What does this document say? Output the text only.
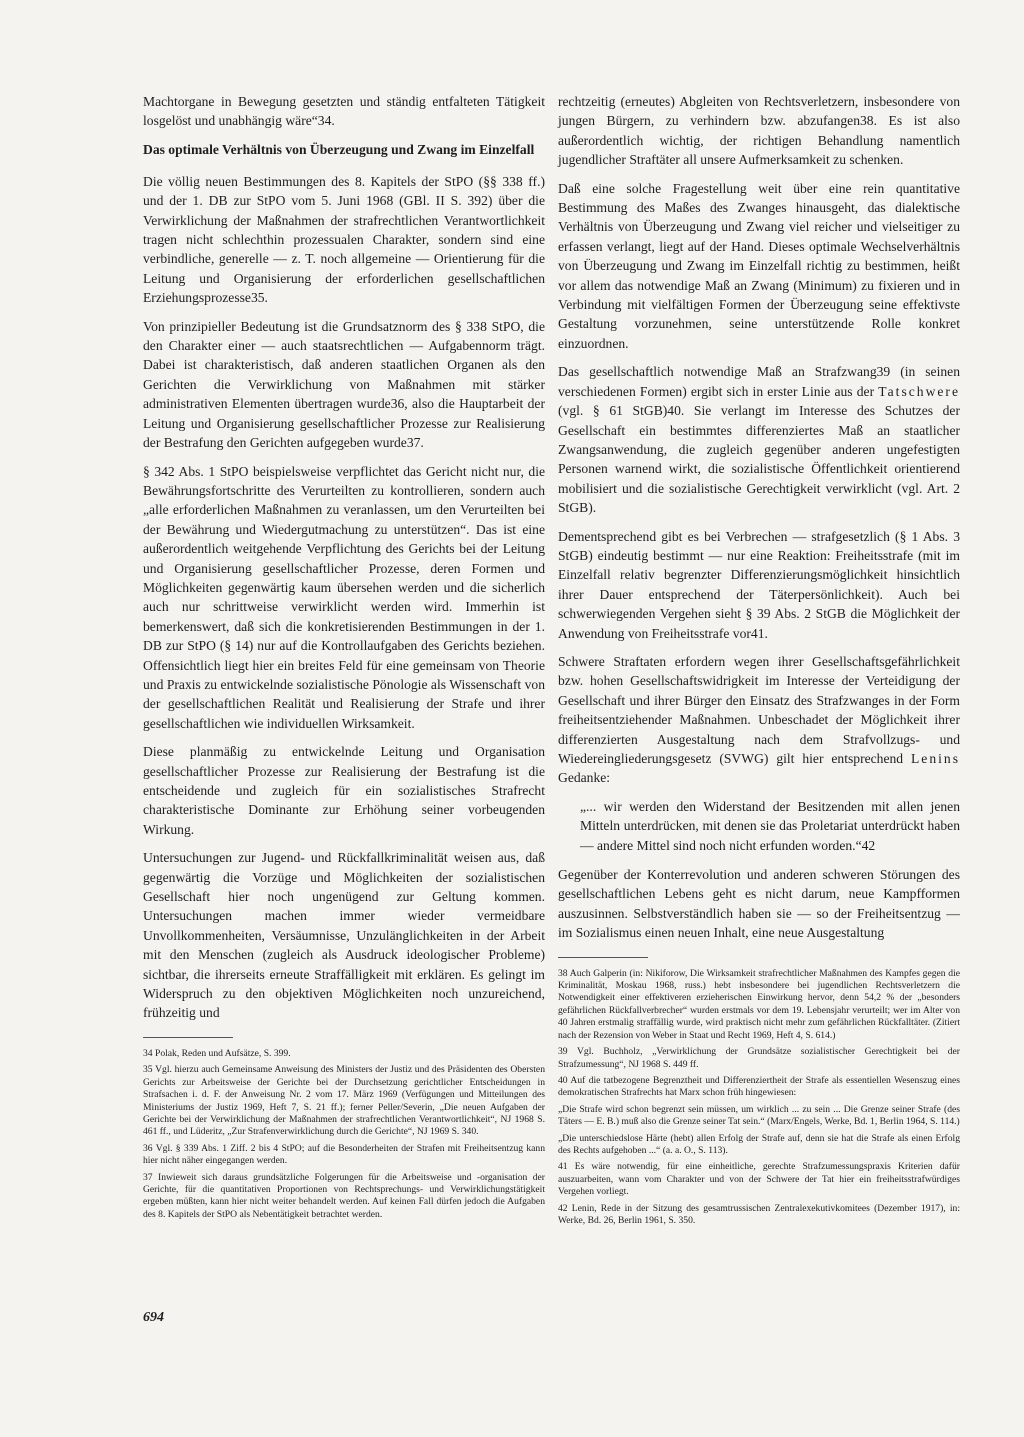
Machtorgane in Bewegung gesetzten und ständig entfalteten Tätigkeit losgelöst und unabhängig wäre“34.

Das optimale Verhältnis von Überzeugung und Zwang im Einzelfall

Die völlig neuen Bestimmungen des 8. Kapitels der StPO (§§ 338 ff.) und der 1. DB zur StPO vom 5. Juni 1968 (GBl. II S. 392) über die Verwirklichung der Maßnahmen der strafrechtlichen Verantwortlichkeit tragen nicht schlechthin prozessualen Charakter, sondern sind eine verbindliche, generelle — z. T. noch allgemeine — Orientierung für die Leitung und Organisierung der erforderlichen gesellschaftlichen Erziehungsprozesse35.

Von prinzipieller Bedeutung ist die Grundsatznorm des § 338 StPO, die den Charakter einer — auch staatsrechtlichen — Aufgabennorm trägt. Dabei ist charakteristisch, daß anderen staatlichen Organen als den Gerichten die Verwirklichung von Maßnahmen mit stärker administrativen Elementen übertragen wurde36, also die Hauptarbeit der Leitung und Organisierung gesellschaftlicher Prozesse zur Realisierung der Bestrafung den Gerichten aufgegeben wurde37.

§ 342 Abs. 1 StPO beispielsweise verpflichtet das Gericht nicht nur, die Bewährungsfortschritte des Verurteilten zu kontrollieren, sondern auch „alle erforderlichen Maßnahmen zu veranlassen, um den Verurteilten bei der Bewährung und Wiedergutmachung zu unterstützen“. Das ist eine außerordentlich weitgehende Verpflichtung des Gerichts bei der Leitung und Organisierung gesellschaftlicher Prozesse, deren Formen und Möglichkeiten gegenwärtig kaum übersehen werden und die sicherlich auch nur schrittweise verwirklicht werden wird. Immerhin ist bemerkenswert, daß sich die konkretisierenden Bestimmungen in der 1. DB zur StPO (§ 14) nur auf die Kontrollaufgaben des Gerichts beziehen. Offensichtlich liegt hier ein breites Feld für eine gemeinsam von Theorie und Praxis zu entwickelnde sozialistische Pönologie als Wissenschaft von der gesellschaftlichen Realität und Realisierung der Strafe und ihrer gesellschaftlichen wie individuellen Wirksamkeit.

Diese planmäßig zu entwickelnde Leitung und Organisation gesellschaftlicher Prozesse zur Realisierung der Bestrafung ist die entscheidende und zugleich für ein sozialistisches Strafrecht charakteristische Dominante zur Erhöhung seiner vorbeugenden Wirkung.

Untersuchungen zur Jugend- und Rückfallkriminalität weisen aus, daß gegenwärtig die Vorzüge und Möglichkeiten der sozialistischen Gesellschaft hier noch ungenügend zur Geltung kommen. Untersuchungen machen immer wieder vermeidbare Unvollkommenheiten, Versäumnisse, Unzulänglichkeiten in der Arbeit mit den Menschen (zugleich als Ausdruck ideologischer Probleme) sichtbar, die ihrerseits erneute Straffälligkeit mit erklären. Es gelingt im Widerspruch zu den objektiven Möglichkeiten noch unzureichend, frühzeitig und

34 Polak, Reden und Aufsätze, S. 399.

35 Vgl. hierzu auch Gemeinsame Anweisung des Ministers der Justiz und des Präsidenten des Obersten Gerichts zur Arbeitsweise der Gerichte bei der Durchsetzung gerichtlicher Entscheidungen in Strafsachen i. d. F. der Anweisung Nr. 2 vom 17. März 1969 (Verfügungen und Mitteilungen des Ministeriums der Justiz 1969, Heft 7, S. 21 ff.); ferner Peller/Severin, „Die neuen Aufgaben der Gerichte bei der Verwirklichung der Maßnahmen der strafrechtlichen Verantwortlichkeit“, NJ 1968 S. 461 ff., und Lüderitz, „Zur Strafenverwirklichung durch die Gerichte“, NJ 1969 S. 340.

36 Vgl. § 339 Abs. 1 Ziff. 2 bis 4 StPO; auf die Besonderheiten der Strafen mit Freiheitsentzug kann hier nicht näher eingegangen werden.

37 Inwieweit sich daraus grundsätzliche Folgerungen für die Arbeitsweise und -organisation der Gerichte, für die quantitativen Proportionen von Rechtsprechungs- und Verwirklichungstätigkeit ergeben müßten, kann hier nicht weiter behandelt werden. Auf keinen Fall dürfen jedoch die Aufgaben des 8. Kapitels der StPO als Nebentätigkeit betrachtet werden.

rechtzeitig (erneutes) Abgleiten von Rechtsverletzern, insbesondere von jungen Bürgern, zu verhindern bzw. abzufangen38. Es ist also außerordentlich wichtig, der richtigen Behandlung namentlich jugendlicher Straftäter all unsere Aufmerksamkeit zu schenken.

Daß eine solche Fragestellung weit über eine rein quantitative Bestimmung des Maßes des Zwanges hinausgeht, das dialektische Verhältnis von Überzeugung und Zwang viel reicher und vielseitiger zu erfassen verlangt, liegt auf der Hand. Dieses optimale Wechselverhältnis von Überzeugung und Zwang im Einzelfall richtig zu bestimmen, heißt vor allem das notwendige Maß an Zwang (Minimum) zu fixieren und in Verbindung mit vielfältigen Formen der Überzeugung seine effektivste Gestaltung vorzunehmen, seine unterstützende Rolle konkret einzuordnen.

Das gesellschaftlich notwendige Maß an Strafzwang39 (in seinen verschiedenen Formen) ergibt sich in erster Linie aus der Tatschwere (vgl. § 61 StGB)40. Sie verlangt im Interesse des Schutzes der Gesellschaft ein bestimmtes differenziertes Maß an staatlicher Zwangsanwendung, die zugleich gegenüber anderen ungefestigten Personen warnend wirkt, die sozialistische Öffentlichkeit orientierend mobilisiert und die sozialistische Gerechtigkeit verwirklicht (vgl. Art. 2 StGB).

Dementsprechend gibt es bei Verbrechen — strafgesetzlich (§ 1 Abs. 3 StGB) eindeutig bestimmt — nur eine Reaktion: Freiheitsstrafe (mit im Einzelfall relativ begrenzter Differenzierungsmöglichkeit hinsichtlich ihrer Dauer entsprechend der Täterpersönlichkeit). Auch bei schwerwiegenden Vergehen sieht § 39 Abs. 2 StGB die Möglichkeit der Anwendung von Freiheitsstrafe vor41.

Schwere Straftaten erfordern wegen ihrer Gesellschaftsgefährlichkeit bzw. hohen Gesellschaftswidrigkeit im Interesse der Verteidigung der Gesellschaft und ihrer Bürger den Einsatz des Strafzwanges in der Form freiheitsentziehender Maßnahmen. Unbeschadet der Möglichkeit ihrer differenzierten Ausgestaltung nach dem Strafvollzugs- und Wiedereingliederungsgesetz (SVWG) gilt hier entsprechend Lenins Gedanke:

„... wir werden den Widerstand der Besitzenden mit allen jenen Mitteln unterdrücken, mit denen sie das Proletariat unterdrückt haben — andere Mittel sind noch nicht erfunden worden.“42

Gegenüber der Konterrevolution und anderen schweren Störungen des gesellschaftlichen Lebens geht es nicht darum, neue Kampfformen auszusinnen. Selbstverständlich haben sie — so der Freiheitsentzug — im Sozialismus einen neuen Inhalt, eine neue Ausgestaltung

38 Auch Galperin (in: Nikiforow, Die Wirksamkeit strafrechtlicher Maßnahmen des Kampfes gegen die Kriminalität, Moskau 1968, russ.) hebt insbesondere bei jugendlichen Rechtsverletzern die Notwendigkeit einer effektiveren erzieherischen Einwirkung hervor, denn 54,2 % der „besonders gefährlichen Rückfallverbrecher“ wurden erstmals vor dem 19. Lebensjahr verurteilt; wer im Alter von 40 Jahren erstmalig straffällig wurde, wird praktisch nicht mehr zum gefährlichen Rückfalltäter. (Zitiert nach der Rezension von Weber in Staat und Recht 1969, Heft 4, S. 614.)

39 Vgl. Buchholz, „Verwirklichung der Grundsätze sozialistischer Gerechtigkeit bei der Strafzumessung“, NJ 1968 S. 449 ff.

40 Auf die tatbezogene Begrenztheit und Differenziertheit der Strafe als essentiellen Wesenszug eines demokratischen Strafrechts hat Marx schon früh hingewiesen:

„Die Strafe wird schon begrenzt sein müssen, um wirklich ... zu sein ... Die Grenze seiner Strafe (des Täters — E. B.) muß also die Grenze seiner Tat sein.“ (Marx/Engels, Werke, Bd. 1, Berlin 1964, S. 114.)

„Die unterschiedslose Härte (hebt) allen Erfolg der Strafe auf, denn sie hat die Strafe als einen Erfolg des Rechts aufgehoben ...“ (a. a. O., S. 113).

41 Es wäre notwendig, für eine einheitliche, gerechte Strafzumessungspraxis Kriterien dafür auszuarbeiten, wann vom Charakter und von der Schwere der Tat hier ein freiheitsstrafwürdiges Vergehen vorliegt.

42 Lenin, Rede in der Sitzung des gesamtrussischen Zentralexekutivkomitees (Dezember 1917), in: Werke, Bd. 26, Berlin 1961, S. 350.

694
